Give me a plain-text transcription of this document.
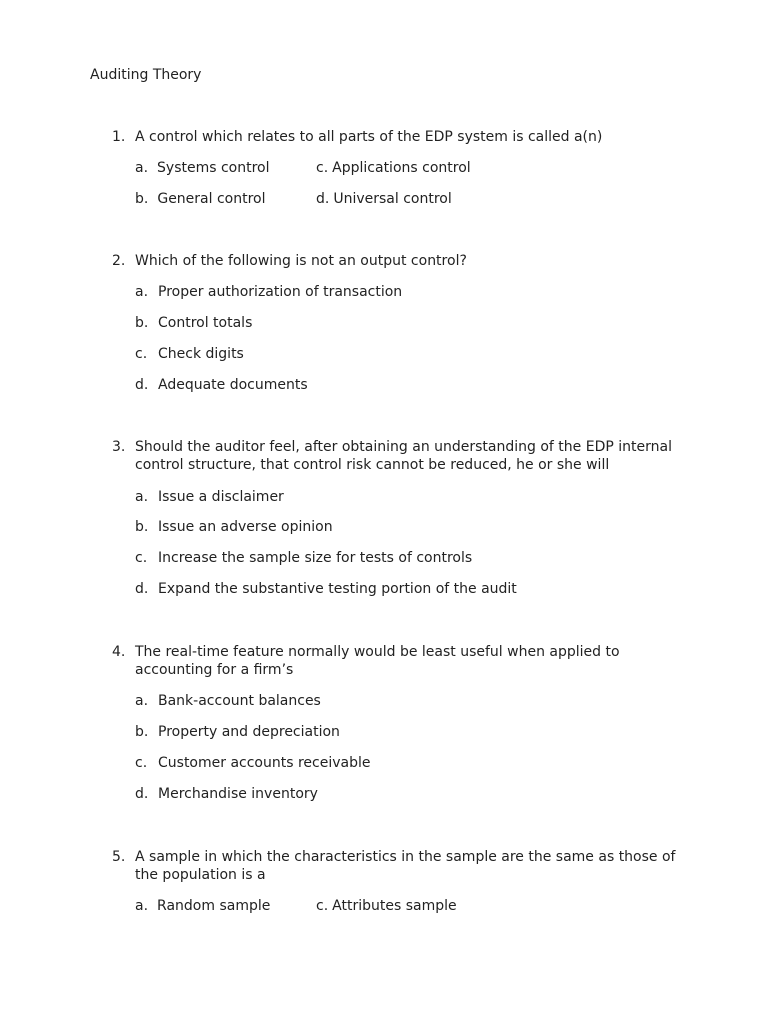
Auditing Theory
1. A control which relates to all parts of the EDP system is called a(n)
a. Systems control	c. Applications control
b. General control	d. Universal control
2. Which of the following is not an output control?
a. Proper authorization of transaction
b. Control totals
c. Check digits
d. Adequate documents
3. Should the auditor feel, after obtaining an understanding of the EDP internal control structure, that control risk cannot be reduced, he or she will
a. Issue a disclaimer
b. Issue an adverse opinion
c. Increase the sample size for tests of controls
d. Expand the substantive testing portion of the audit
4. The real-time feature normally would be least useful when applied to accounting for a firm’s
a. Bank-account balances
b. Property and depreciation
c. Customer accounts receivable
d. Merchandise inventory
5. A sample in which the characteristics in the sample are the same as those of the population is a
a. Random sample	c. Attributes sample
